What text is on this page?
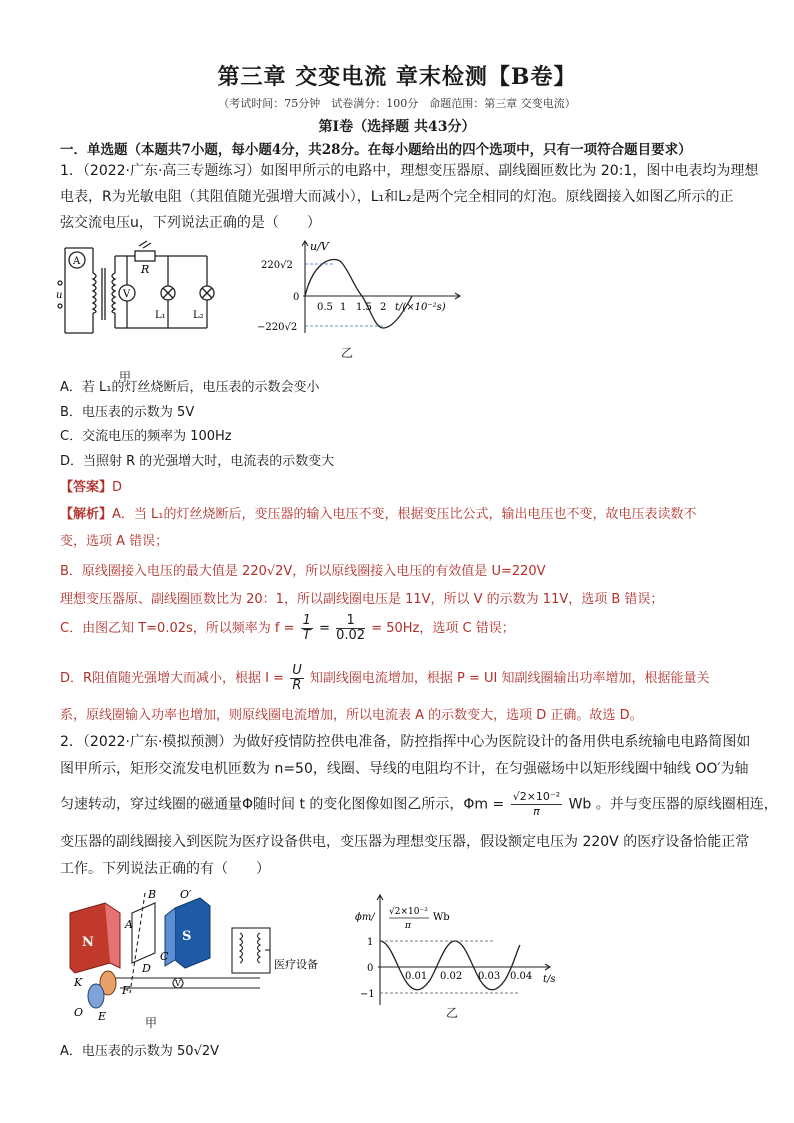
第三章 交变电流 章末检测【B卷】
（考试时间：75分钟　试卷满分：100分　命题范围：第三章 交变电流）
第Ⅰ卷（选择题 共43分）
一．单选题（本题共7小题，每小题4分，共28分。在每小题给出的四个选项中，只有一项符合题目要求）
1．（2022·广东·高三专题练习）如图甲所示的电路中，理想变压器原、副线圈匝数比为 20:1，图中电表均为理想
电表，R为光敏电阻（其阻值随光强增大而减小），L₁和L₂是两个完全相同的灯泡。原线圈接入如图乙所示的正
弦交流电压u，下列说法正确的是（　　）
A
V
R
L₁	L₂
u
甲
u/V
220√2
0
−220√2
0.5 1 1.5 2 t/(×10⁻²s)
乙
A．若 L₁的灯丝烧断后，电压表的示数会变小
B．电压表的示数为 5V
C．交流电压的频率为 100Hz
D．当照射 R 的光强增大时，电流表的示数变大
【答案】D
【解析】A．当 L₁的灯丝烧断后，变压器的输入电压不变，根据变压比公式，输出电压也不变，故电压表读数不
变，选项 A 错误；
B．原线圈接入电压的最大值是 220√2V，所以原线圈接入电压的有效值是 U=220V
理想变压器原、副线圈匝数比为 20：1，所以副线圈电压是 11V，所以 V 的示数为 11V，选项 B 错误；
C．由图乙知 T=0.02s，所以频率为 $f = \frac{1}{T} = \frac{1}{0.02} = 50Hz$，选项 C 错误；
D．R阻值随光强增大而减小，根据 $I = \frac{U}{R}$ 知副线圈电流增加，根据 P = UI 知副线圈输出功率增加，根据能量关
系，原线圈输入功率也增加，则原线圈电流增加，所以电流表 A 的示数变大，选项 D 正确。故选 D。
2．（2022·广东·模拟预测）为做好疫情防控供电准备，防控指挥中心为医院设计的备用供电系统输电电路简图如
图甲所示，矩形交流发电机匝数为 n=50，线圈、导线的电阻均不计，在匀强磁场中以矩形线圈中轴线 OO′为轴
匀速转动，穿过线圈的磁通量Φ随时间 t 的变化图像如图乙所示，$\Phi m = \frac{\text{√2×10⁻²}}{\pi}$ Wb 。并与变压器的原线圈相连，
变压器的副线圈接入到医院为医疗设备供电，变压器为理想变压器，假设额定电压为 220V 的医疗设备恰能正常
工作。下列说法正确的有（　　）
N	S
A
B
C
D
O′
K
F
E
O
V
医疗设备
甲
ϕm/ √2×10⁻²
π
Wb
1
0
−1
0.01 0.02 0.03 0.04 t/s
乙
A．电压表的示数为 50√2V
